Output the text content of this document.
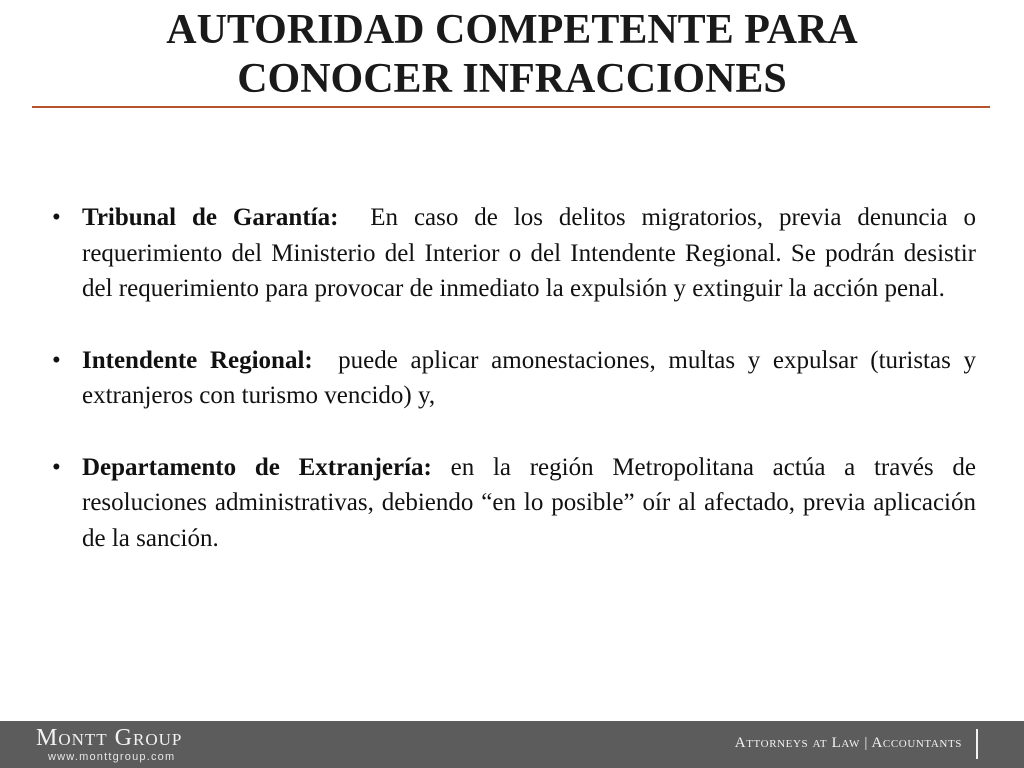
AUTORIDAD COMPETENTE PARA
CONOCER INFRACCIONES
• Tribunal de Garantía:  En caso de los delitos migratorios, previa denuncia o requerimiento del Ministerio del Interior o del Intendente Regional. Se podrán desistir del requerimiento para provocar de inmediato la expulsión y extinguir la acción penal.
• Intendente Regional:  puede aplicar amonestaciones, multas y expulsar (turistas y extranjeros con turismo vencido) y,
• Departamento de Extranjería: en la región Metropolitana actúa a través de resoluciones administrativas, debiendo “en lo posible” oír al afectado, previa aplicación de la sanción.
Montt Group
www.monttgroup.com
Attorneys at Law | Accountants
